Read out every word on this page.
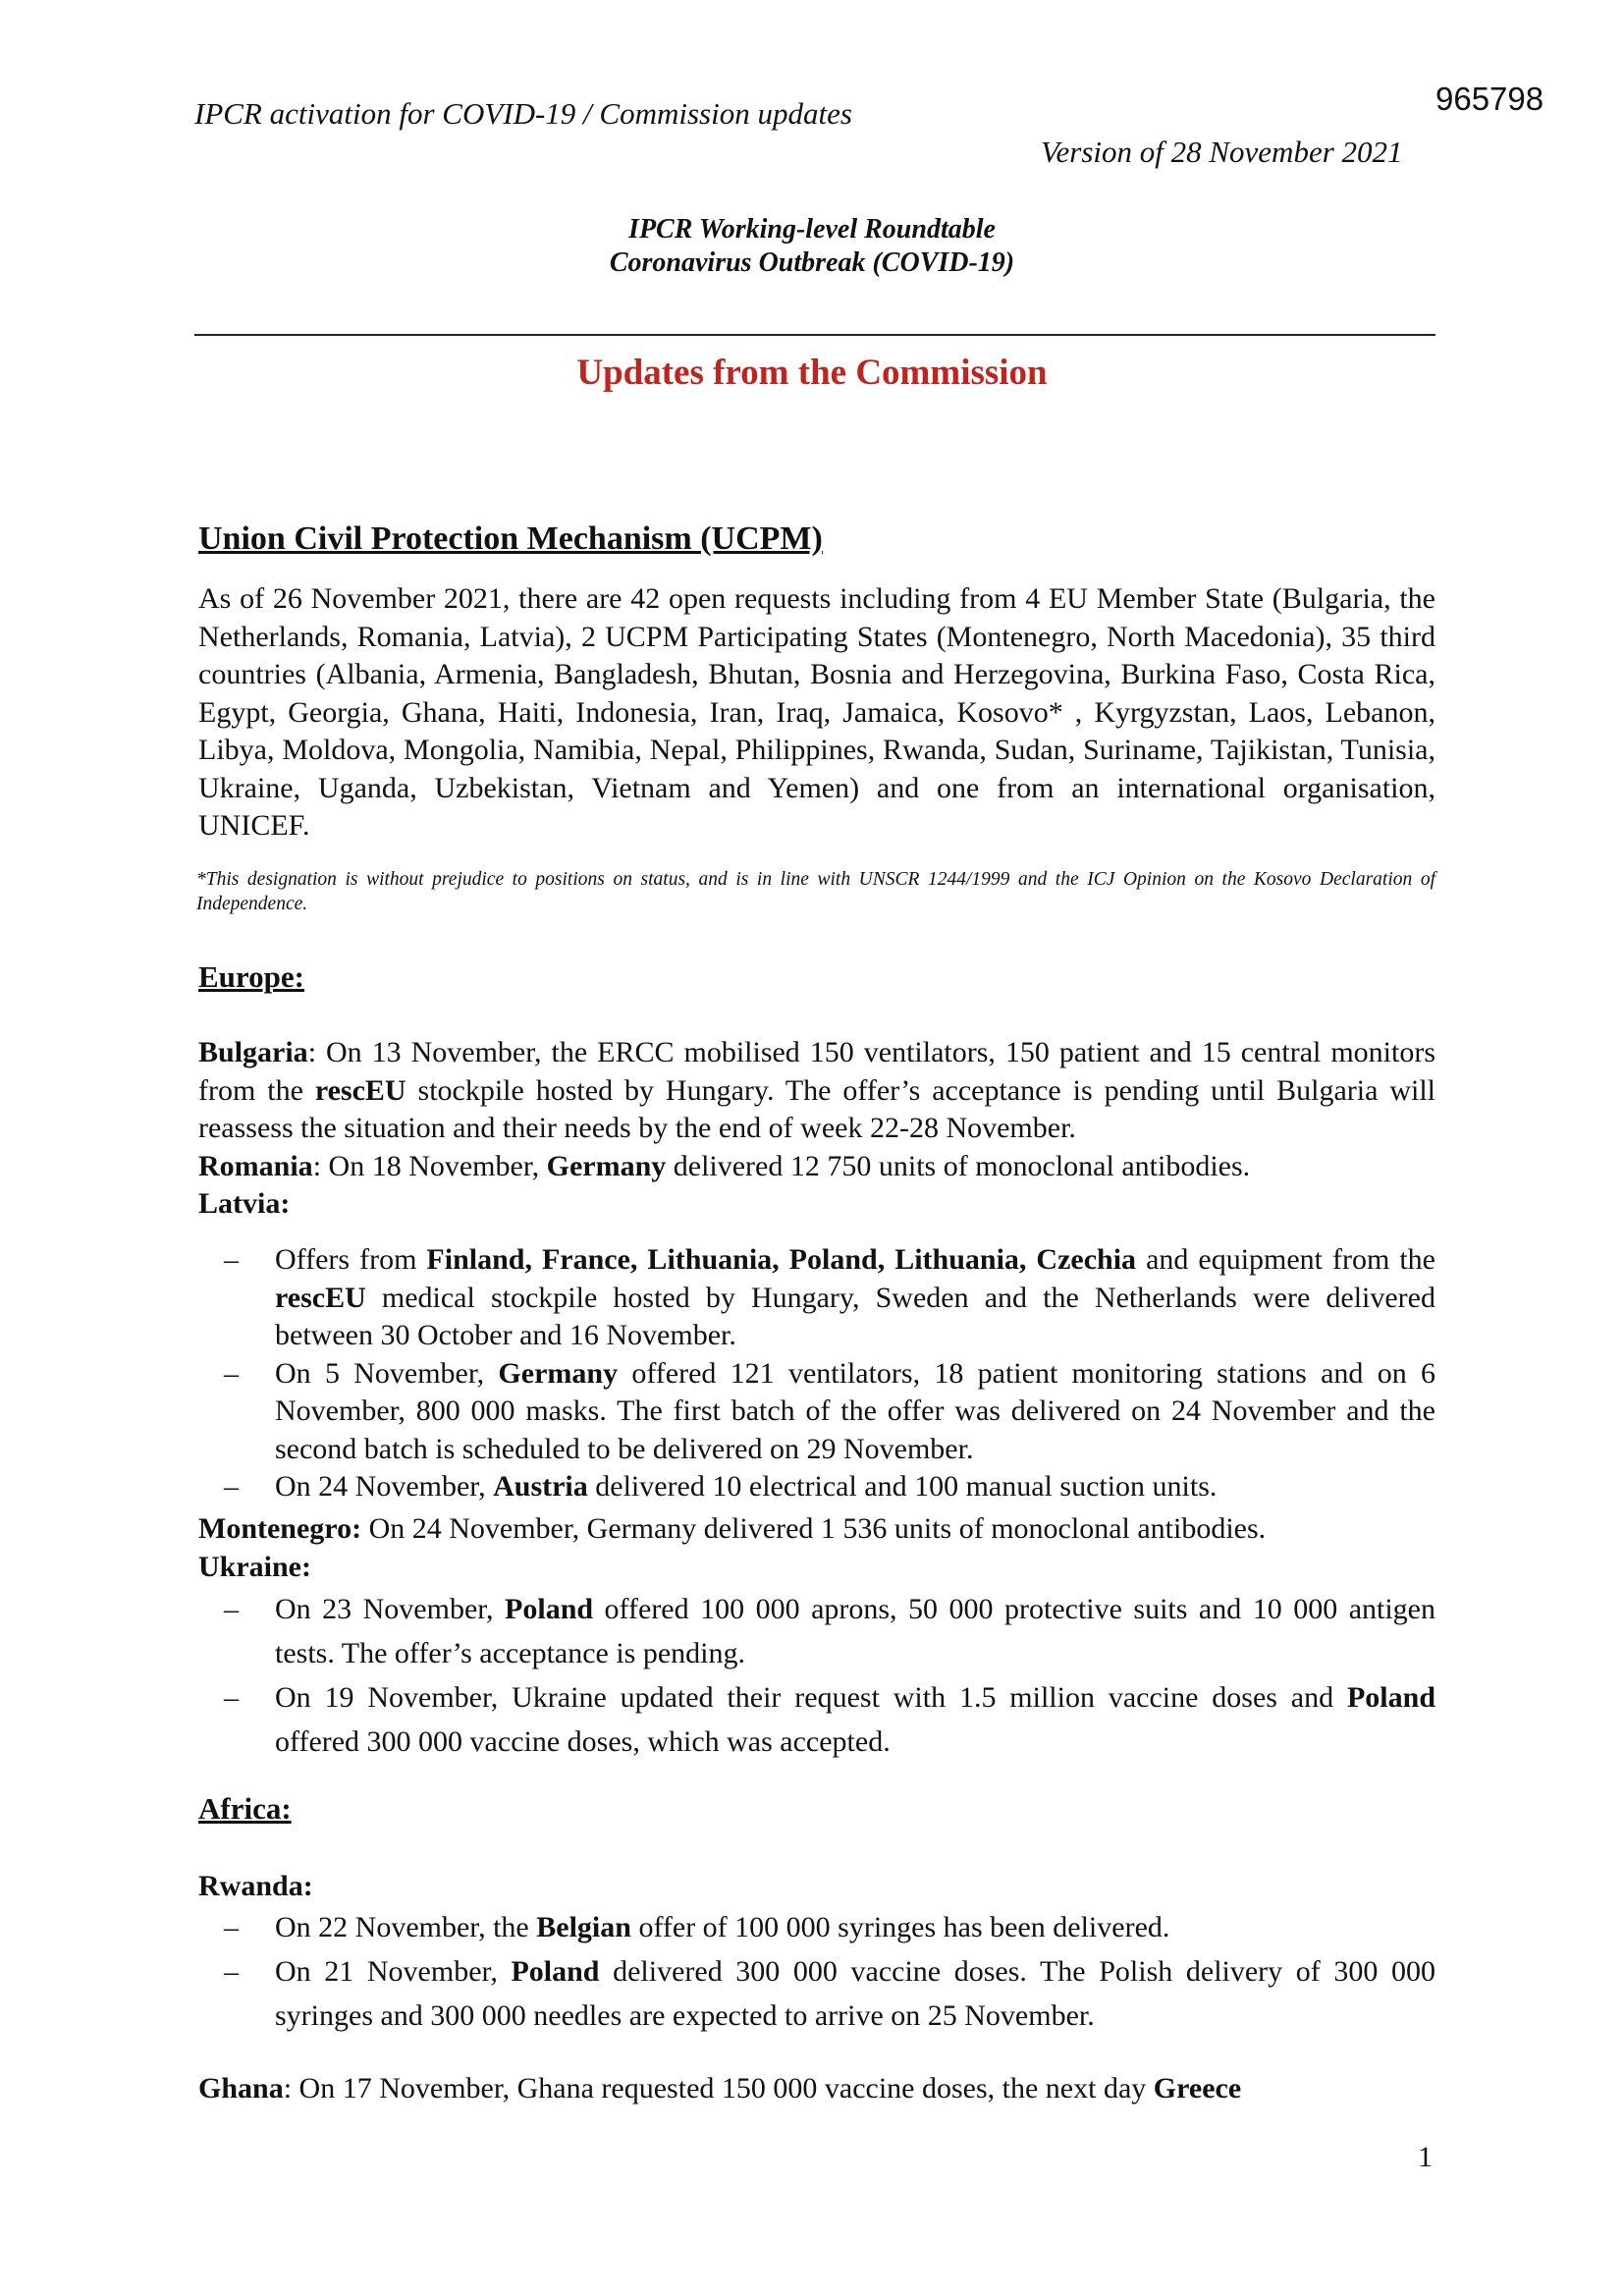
IPCR activation for COVID-19 / Commission updates	965798
Version of 28 November 2021
IPCR Working-level Roundtable
Coronavirus Outbreak (COVID-19)
Updates from the Commission
Union Civil Protection Mechanism (UCPM)
As of 26 November 2021, there are 42 open requests including from 4 EU Member State (Bulgaria, the Netherlands, Romania, Latvia), 2 UCPM Participating States (Montenegro, North Macedonia), 35 third countries (Albania, Armenia, Bangladesh, Bhutan, Bosnia and Herzegovina, Burkina Faso, Costa Rica, Egypt, Georgia, Ghana, Haiti, Indonesia, Iran, Iraq, Jamaica, Kosovo* , Kyrgyzstan, Laos, Lebanon, Libya, Moldova, Mongolia, Namibia, Nepal, Philippines, Rwanda, Sudan, Suriname, Tajikistan, Tunisia, Ukraine, Uganda, Uzbekistan, Vietnam and Yemen) and one from an international organisation, UNICEF.
*This designation is without prejudice to positions on status, and is in line with UNSCR 1244/1999 and the ICJ Opinion on the Kosovo Declaration of Independence.
Europe:
Bulgaria: On 13 November, the ERCC mobilised 150 ventilators, 150 patient and 15 central monitors from the rescEU stockpile hosted by Hungary. The offer’s acceptance is pending until Bulgaria will reassess the situation and their needs by the end of week 22-28 November.
Romania: On 18 November, Germany delivered 12 750 units of monoclonal antibodies.
Latvia:
– Offers from Finland, France, Lithuania, Poland, Lithuania, Czechia and equipment from the rescEU medical stockpile hosted by Hungary, Sweden and the Netherlands were delivered between 30 October and 16 November.
– On 5 November, Germany offered 121 ventilators, 18 patient monitoring stations and on 6 November, 800 000 masks. The first batch of the offer was delivered on 24 November and the second batch is scheduled to be delivered on 29 November.
– On 24 November, Austria delivered 10 electrical and 100 manual suction units.
Montenegro: On 24 November, Germany delivered 1 536 units of monoclonal antibodies.
Ukraine:
– On 23 November, Poland offered 100 000 aprons, 50 000 protective suits and 10 000 antigen tests. The offer’s acceptance is pending.
– On 19 November, Ukraine updated their request with 1.5 million vaccine doses and Poland offered 300 000 vaccine doses, which was accepted.
Africa:
Rwanda:
– On 22 November, the Belgian offer of 100 000 syringes has been delivered.
– On 21 November, Poland delivered 300 000 vaccine doses. The Polish delivery of 300 000 syringes and 300 000 needles are expected to arrive on 25 November.
Ghana: On 17 November, Ghana requested 150 000 vaccine doses, the next day Greece
1
